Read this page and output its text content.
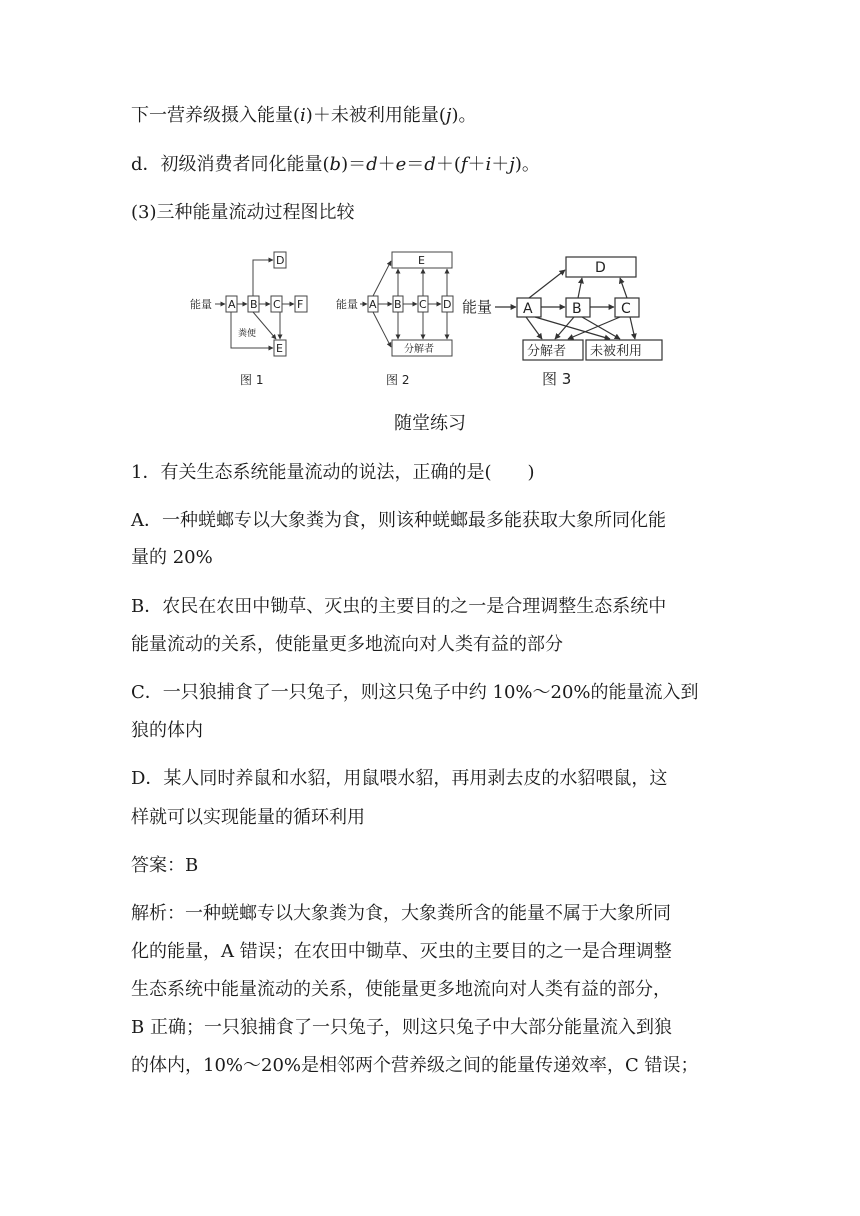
下一营养级摄入能量(i)＋未被利用能量(j)。
d．初级消费者同化能量(b)＝d＋e＝d＋(f＋i＋j)。
(3)三种能量流动过程图比较
能量 A B C F
D
E
粪便
图 1
能量 A B C D
E
分解者
图 2
能量 A	B	C
D
分解者 未被利用
图 3
随堂练习
1．有关生态系统能量流动的说法，正确的是(　　)
A．一种蜣螂专以大象粪为食，则该种蜣螂最多能获取大象所同化能
量的 20%
B．农民在农田中锄草、灭虫的主要目的之一是合理调整生态系统中
能量流动的关系，使能量更多地流向对人类有益的部分
C．一只狼捕食了一只兔子，则这只兔子中约 10%～20%的能量流入到
狼的体内
D．某人同时养鼠和水貂，用鼠喂水貂，再用剥去皮的水貂喂鼠，这
样就可以实现能量的循环利用
答案：B
解析：一种蜣螂专以大象粪为食，大象粪所含的能量不属于大象所同
化的能量，A 错误；在农田中锄草、灭虫的主要目的之一是合理调整
生态系统中能量流动的关系，使能量更多地流向对人类有益的部分，
B 正确；一只狼捕食了一只兔子，则这只兔子中大部分能量流入到狼
的体内，10%～20%是相邻两个营养级之间的能量传递效率，C 错误；
